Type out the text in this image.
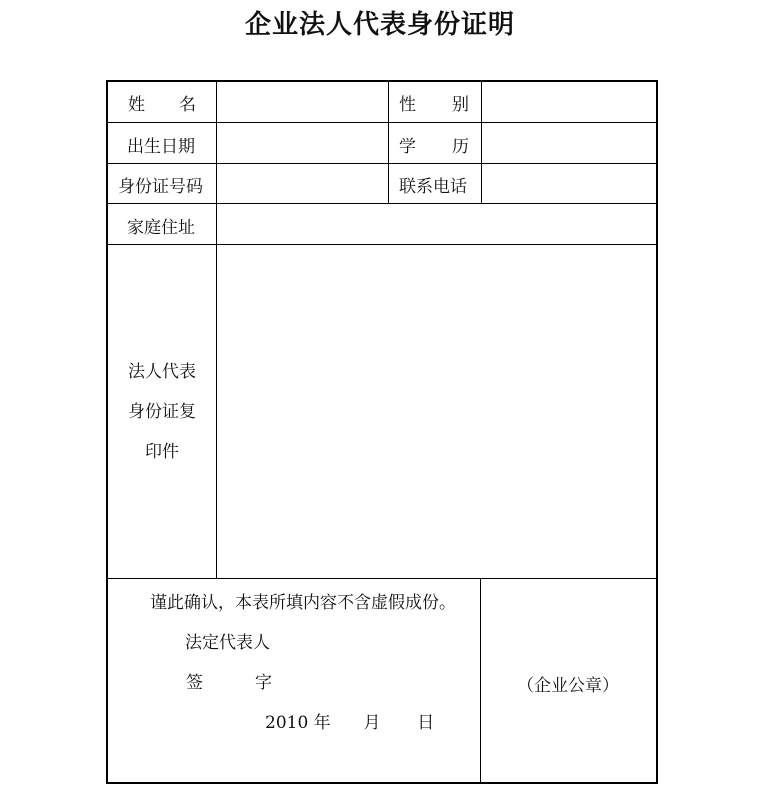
企业法人代表身份证明
姓 名	性 别
出生日期	学 历
身份证号码	联系电话
家庭住址
法人代表
身份证复
印件
谨此确认，本表所填内容不含虚假成份。
法定代表人
签	字
2010 年 月 日
（企业公章）
